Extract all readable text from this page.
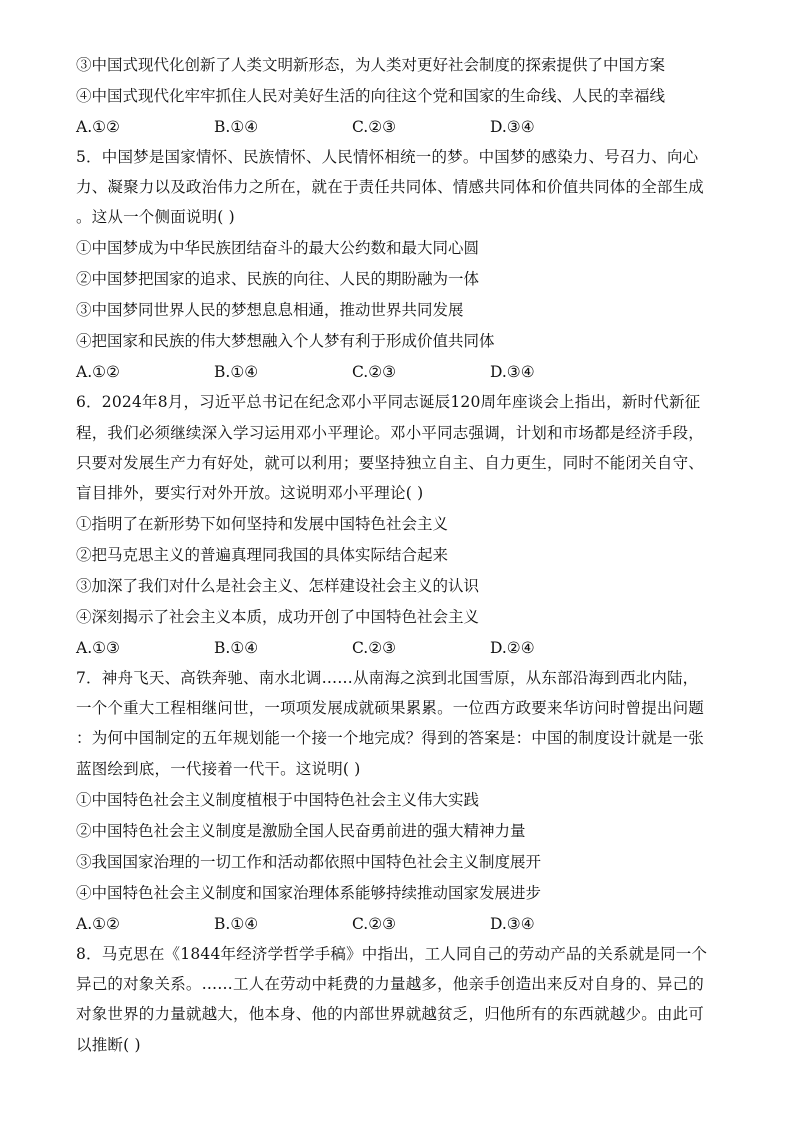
③中国式现代化创新了人类文明新形态，为人类对更好社会制度的探索提供了中国方案
④中国式现代化牢牢抓住人民对美好生活的向往这个党和国家的生命线、人民的幸福线
A.①②	B.①④	C.②③	D.③④
5．中国梦是国家情怀、民族情怀、人民情怀相统一的梦。中国梦的感染力、号召力、向心
力、凝聚力以及政治伟力之所在，就在于责任共同体、情感共同体和价值共同体的全部生成
。这从一个侧面说明( )
①中国梦成为中华民族团结奋斗的最大公约数和最大同心圆
②中国梦把国家的追求、民族的向往、人民的期盼融为一体
③中国梦同世界人民的梦想息息相通，推动世界共同发展
④把国家和民族的伟大梦想融入个人梦有利于形成价值共同体
A.①②	B.①④	C.②③	D.③④
6．2024年8月，习近平总书记在纪念邓小平同志诞辰120周年座谈会上指出，新时代新征
程，我们必须继续深入学习运用邓小平理论。邓小平同志强调，计划和市场都是经济手段，
只要对发展生产力有好处，就可以利用；要坚持独立自主、自力更生，同时不能闭关自守、
盲目排外，要实行对外开放。这说明邓小平理论( )
①指明了在新形势下如何坚持和发展中国特色社会主义
②把马克思主义的普遍真理同我国的具体实际结合起来
③加深了我们对什么是社会主义、怎样建设社会主义的认识
④深刻揭示了社会主义本质，成功开创了中国特色社会主义
A.①③	B.①④	C.②③	D.②④
7．神舟飞天、高铁奔驰、南水北调……从南海之滨到北国雪原，从东部沿海到西北内陆，
一个个重大工程相继问世，一项项发展成就硕果累累。一位西方政要来华访问时曾提出问题
：为何中国制定的五年规划能一个接一个地完成？得到的答案是：中国的制度设计就是一张
蓝图绘到底，一代接着一代干。这说明( )
①中国特色社会主义制度植根于中国特色社会主义伟大实践
②中国特色社会主义制度是激励全国人民奋勇前进的强大精神力量
③我国国家治理的一切工作和活动都依照中国特色社会主义制度展开
④中国特色社会主义制度和国家治理体系能够持续推动国家发展进步
A.①②	B.①④	C.②③	D.③④
8．马克思在《1844年经济学哲学手稿》中指出，工人同自己的劳动产品的关系就是同一个
异己的对象关系。……工人在劳动中耗费的力量越多，他亲手创造出来反对自身的、异己的
对象世界的力量就越大，他本身、他的内部世界就越贫乏，归他所有的东西就越少。由此可
以推断( )
